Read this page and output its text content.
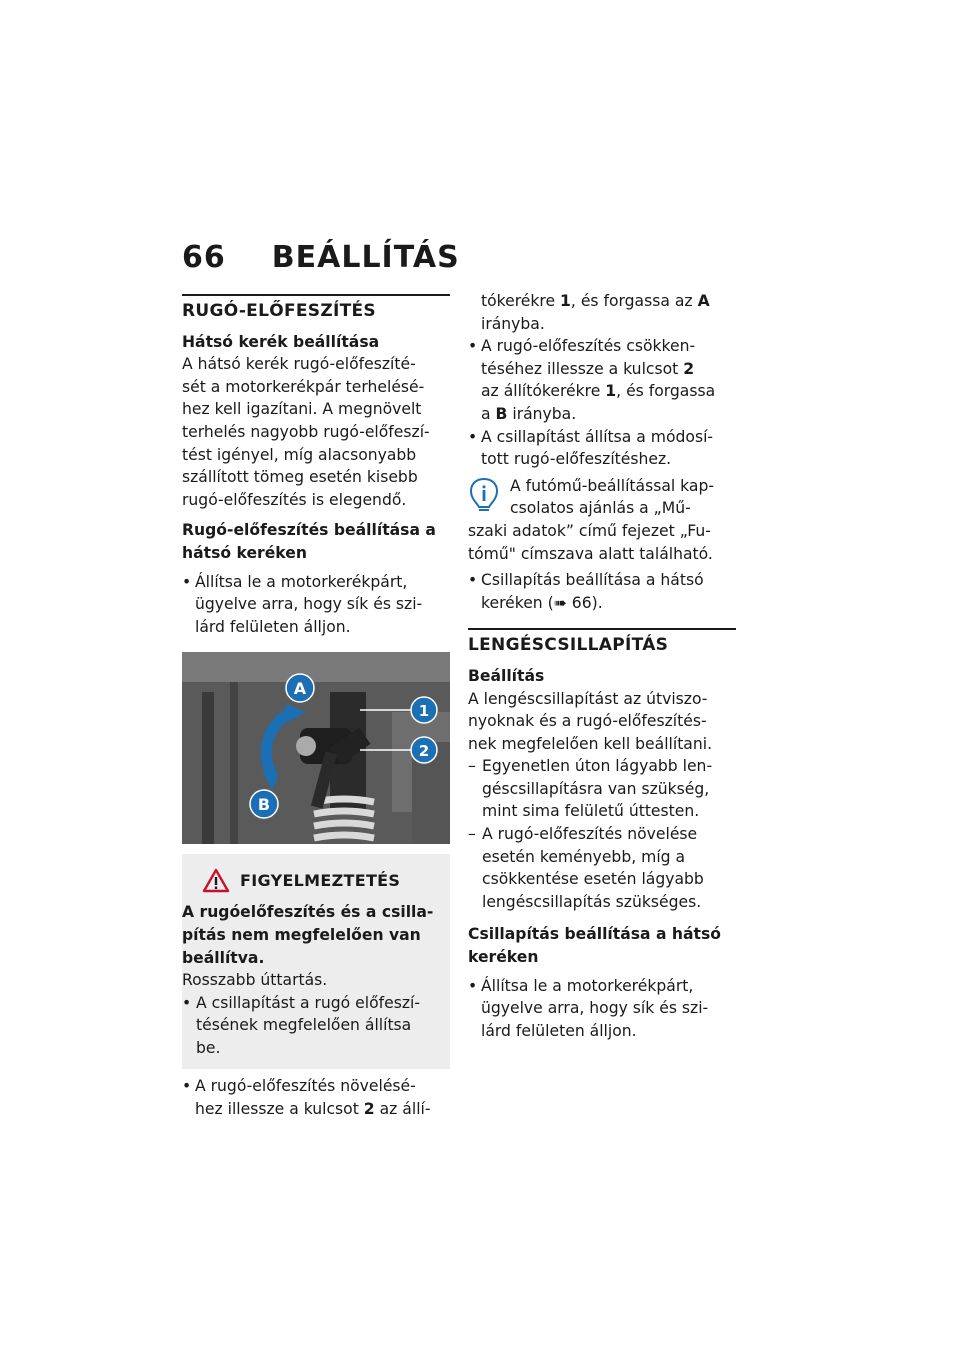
66 BEÁLLÍTÁS
RUGÓ-ELŐFESZÍTÉS
Hátsó kerék beállítása

A hátsó kerék rugó-előfeszíté-
sét a motorkerékpár terhelésé-
hez kell igazítani. A megnövelt
terhelés nagyobb rugó-előfeszí-
tést igényel, míg alacsonyabb
szállított tömeg esetén kisebb
rugó-előfeszítés is elegendő.

Rugó-előfeszítés beállítása a
hátsó keréken
• Állítsa le a motorkerékpárt,
ügyelve arra, hogy sík és szi-
lárd felületen álljon.
A
B
1
2
FIGYELMEZTETÉS
A rugóelőfeszítés és a csilla-
pítás nem megfelelően van
beállítva.
Rosszabb úttartás.
• A csillapítást a rugó előfeszí-
tésének megfelelően állítsa
be.
• A rugó-előfeszítés növelésé-
hez illessze a kulcsot 2 az állí-
tókerékre 1, és forgassa az A
irányba.
• A rugó-előfeszítés csökken-
téséhez illessze a kulcsot 2
az állítókerékre 1, és forgassa
a B irányba.
• A csillapítást állítsa a módosí-
tott rugó-előfeszítéshez.
A futómű-beállítással kap-
csolatos ajánlás a „Mű-
szaki adatok” című fejezet „Fu-
tómű" címszava alatt található.
• Csillapítás beállítása a hátsó
keréken (➠ 66).
LENGÉSCSILLAPÍTÁS
Beállítás

A lengéscsillapítást az útviszo-
nyoknak és a rugó-előfeszítés-
nek megfelelően kell beállítani.

– Egyenetlen úton lágyabb len-
géscsillapításra van szükség,
mint sima felületű úttesten.
– A rugó-előfeszítés növelése
esetén keményebb, míg a
csökkentése esetén lágyabb
lengéscsillapítás szükséges.
Csillapítás beállítása a hátsó
keréken
• Állítsa le a motorkerékpárt,
ügyelve arra, hogy sík és szi-
lárd felületen álljon.
